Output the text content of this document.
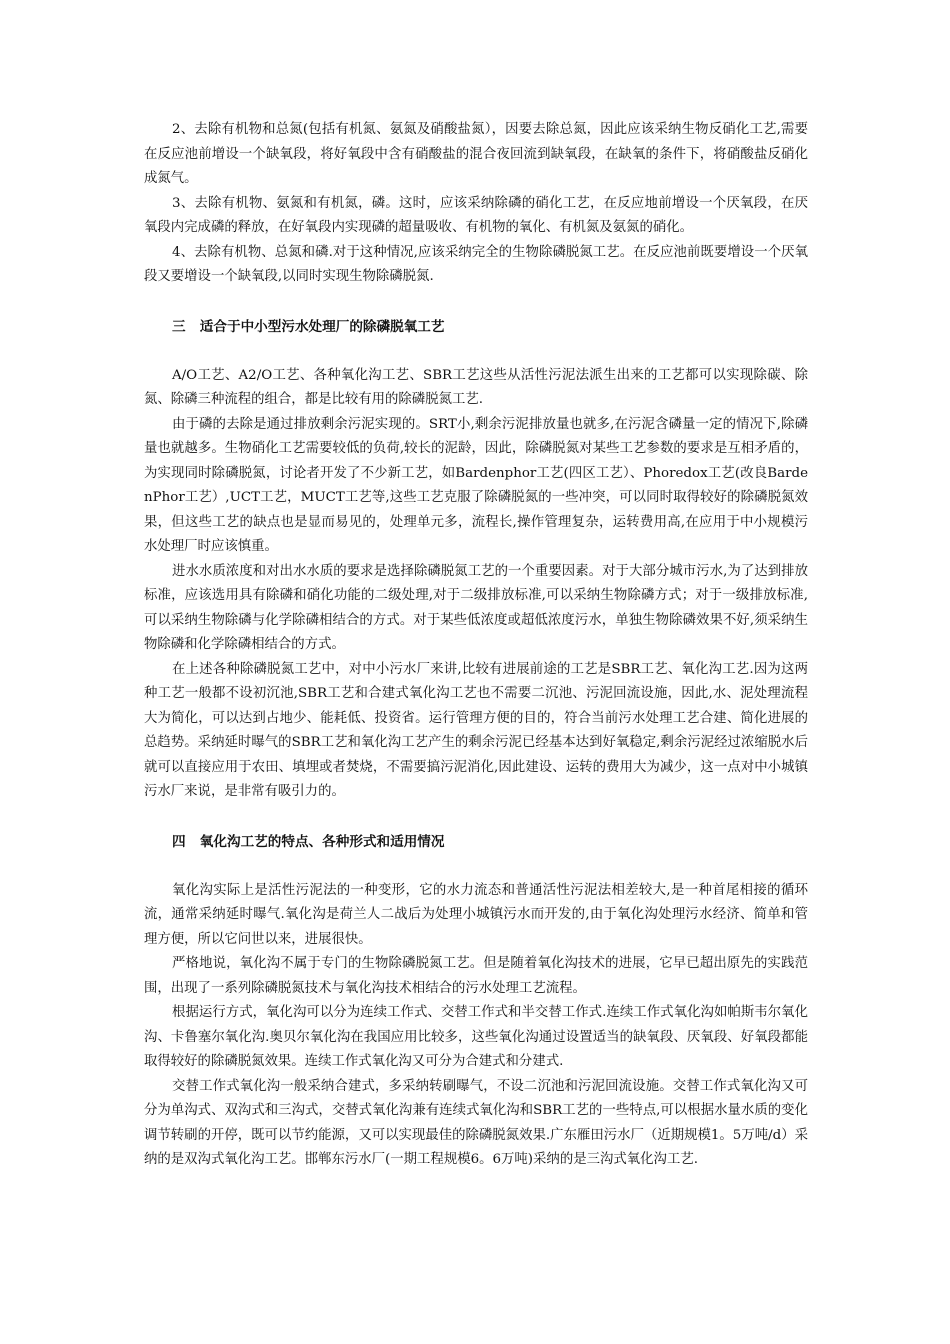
2、去除有机物和总氮(包括有机氮、氨氮及硝酸盐氮），因要去除总氮，因此应该采纳生物反硝化工艺,需要在反应池前增设一个缺氧段，将好氧段中含有硝酸盐的混合夜回流到缺氧段，在缺氧的条件下，将硝酸盐反硝化成氮气。

3、去除有机物、氨氮和有机氮，磷。这时，应该采纳除磷的硝化工艺，在反应地前增设一个厌氧段，在厌氧段内完成磷的释放，在好氧段内实现磷的超量吸收、有机物的氧化、有机氮及氨氮的硝化。

4、去除有机物、总氮和磷.对于这种情况,应该采纳完全的生物除磷脱氮工艺。在反应池前既要增设一个厌氧段又要增设一个缺氧段,以同时实现生物除磷脱氮.

三   适合于中小型污水处理厂的除磷脱氧工艺

A/O工艺、A2/O工艺、各种氧化沟工艺、SBR工艺这些从活性污泥法派生出来的工艺都可以实现除碳、除氮、除磷三种流程的组合，都是比较有用的除磷脱氮工艺.

由于磷的去除是通过排放剩余污泥实现的。SRT小,剩余污泥排放量也就多,在污泥含磷量一定的情况下,除磷量也就越多。生物硝化工艺需要较低的负荷,较长的泥龄，因此，除磷脱氮对某些工艺参数的要求是互相矛盾的，为实现同时除磷脱氮，讨论者开发了不少新工艺，如Bardenphor工艺(四区工艺）、Phoredox工艺(改良BardenPhor工艺）,UCT工艺，MUCT工艺等,这些工艺克服了除磷脱氮的一些冲突，可以同时取得较好的除磷脱氮效果，但这些工艺的缺点也是显而易见的，处理单元多，流程长,操作管理复杂，运转费用高,在应用于中小规模污水处理厂时应该慎重。

进水水质浓度和对出水水质的要求是选择除磷脱氮工艺的一个重要因素。对于大部分城市污水,为了达到排放标准，应该选用具有除磷和硝化功能的二级处理,对于二级排放标准,可以采纳生物除磷方式；对于一级排放标准,可以采纳生物除磷与化学除磷相结合的方式。对于某些低浓度或超低浓度污水，单独生物除磷效果不好,须采纳生物除磷和化学除磷相结合的方式。

在上述各种除磷脱氮工艺中，对中小污水厂来讲,比较有进展前途的工艺是SBR工艺、氧化沟工艺.因为这两种工艺一般都不设初沉池,SBR工艺和合建式氧化沟工艺也不需要二沉池、污泥回流设施，因此,水、泥处理流程大为简化，可以达到占地少、能耗低、投资省。运行管理方便的目的，符合当前污水处理工艺合建、简化进展的总趋势。采纳延时曝气的SBR工艺和氧化沟工艺产生的剩余污泥已经基本达到好氧稳定,剩余污泥经过浓缩脱水后就可以直接应用于农田、填埋或者焚烧，不需要搞污泥消化,因此建设、运转的费用大为减少，这一点对中小城镇污水厂来说，是非常有吸引力的。

四   氧化沟工艺的特点、各种形式和适用情况

氧化沟实际上是活性污泥法的一种变形，它的水力流态和普通活性污泥法相差较大,是一种首尾相接的循环流，通常采纳延时曝气.氧化沟是荷兰人二战后为处理小城镇污水而开发的,由于氧化沟处理污水经济、简单和管理方便，所以它问世以来，进展很快。

严格地说，氧化沟不属于专门的生物除磷脱氮工艺。但是随着氧化沟技术的进展，它早已超出原先的实践范围，出现了一系列除磷脱氮技术与氧化沟技术相结合的污水处理工艺流程。

根据运行方式，氧化沟可以分为连续工作式、交替工作式和半交替工作式.连续工作式氧化沟如帕斯韦尔氧化沟、卡鲁塞尔氧化沟.奥贝尔氧化沟在我国应用比较多，这些氧化沟通过设置适当的缺氧段、厌氧段、好氧段都能取得较好的除磷脱氮效果。连续工作式氧化沟又可分为合建式和分建式.

交替工作式氧化沟一般采纳合建式，多采纳转刷曝气，不设二沉池和污泥回流设施。交替工作式氧化沟又可分为单沟式、双沟式和三沟式，交替式氧化沟兼有连续式氧化沟和SBR工艺的一些特点,可以根据水量水质的变化调节转刷的开停，既可以节约能源，又可以实现最佳的除磷脱氮效果.广东雁田污水厂（近期规模1。5万吨/d）采纳的是双沟式氧化沟工艺。邯郸东污水厂(一期工程规模6。6万吨)采纳的是三沟式氧化沟工艺.
